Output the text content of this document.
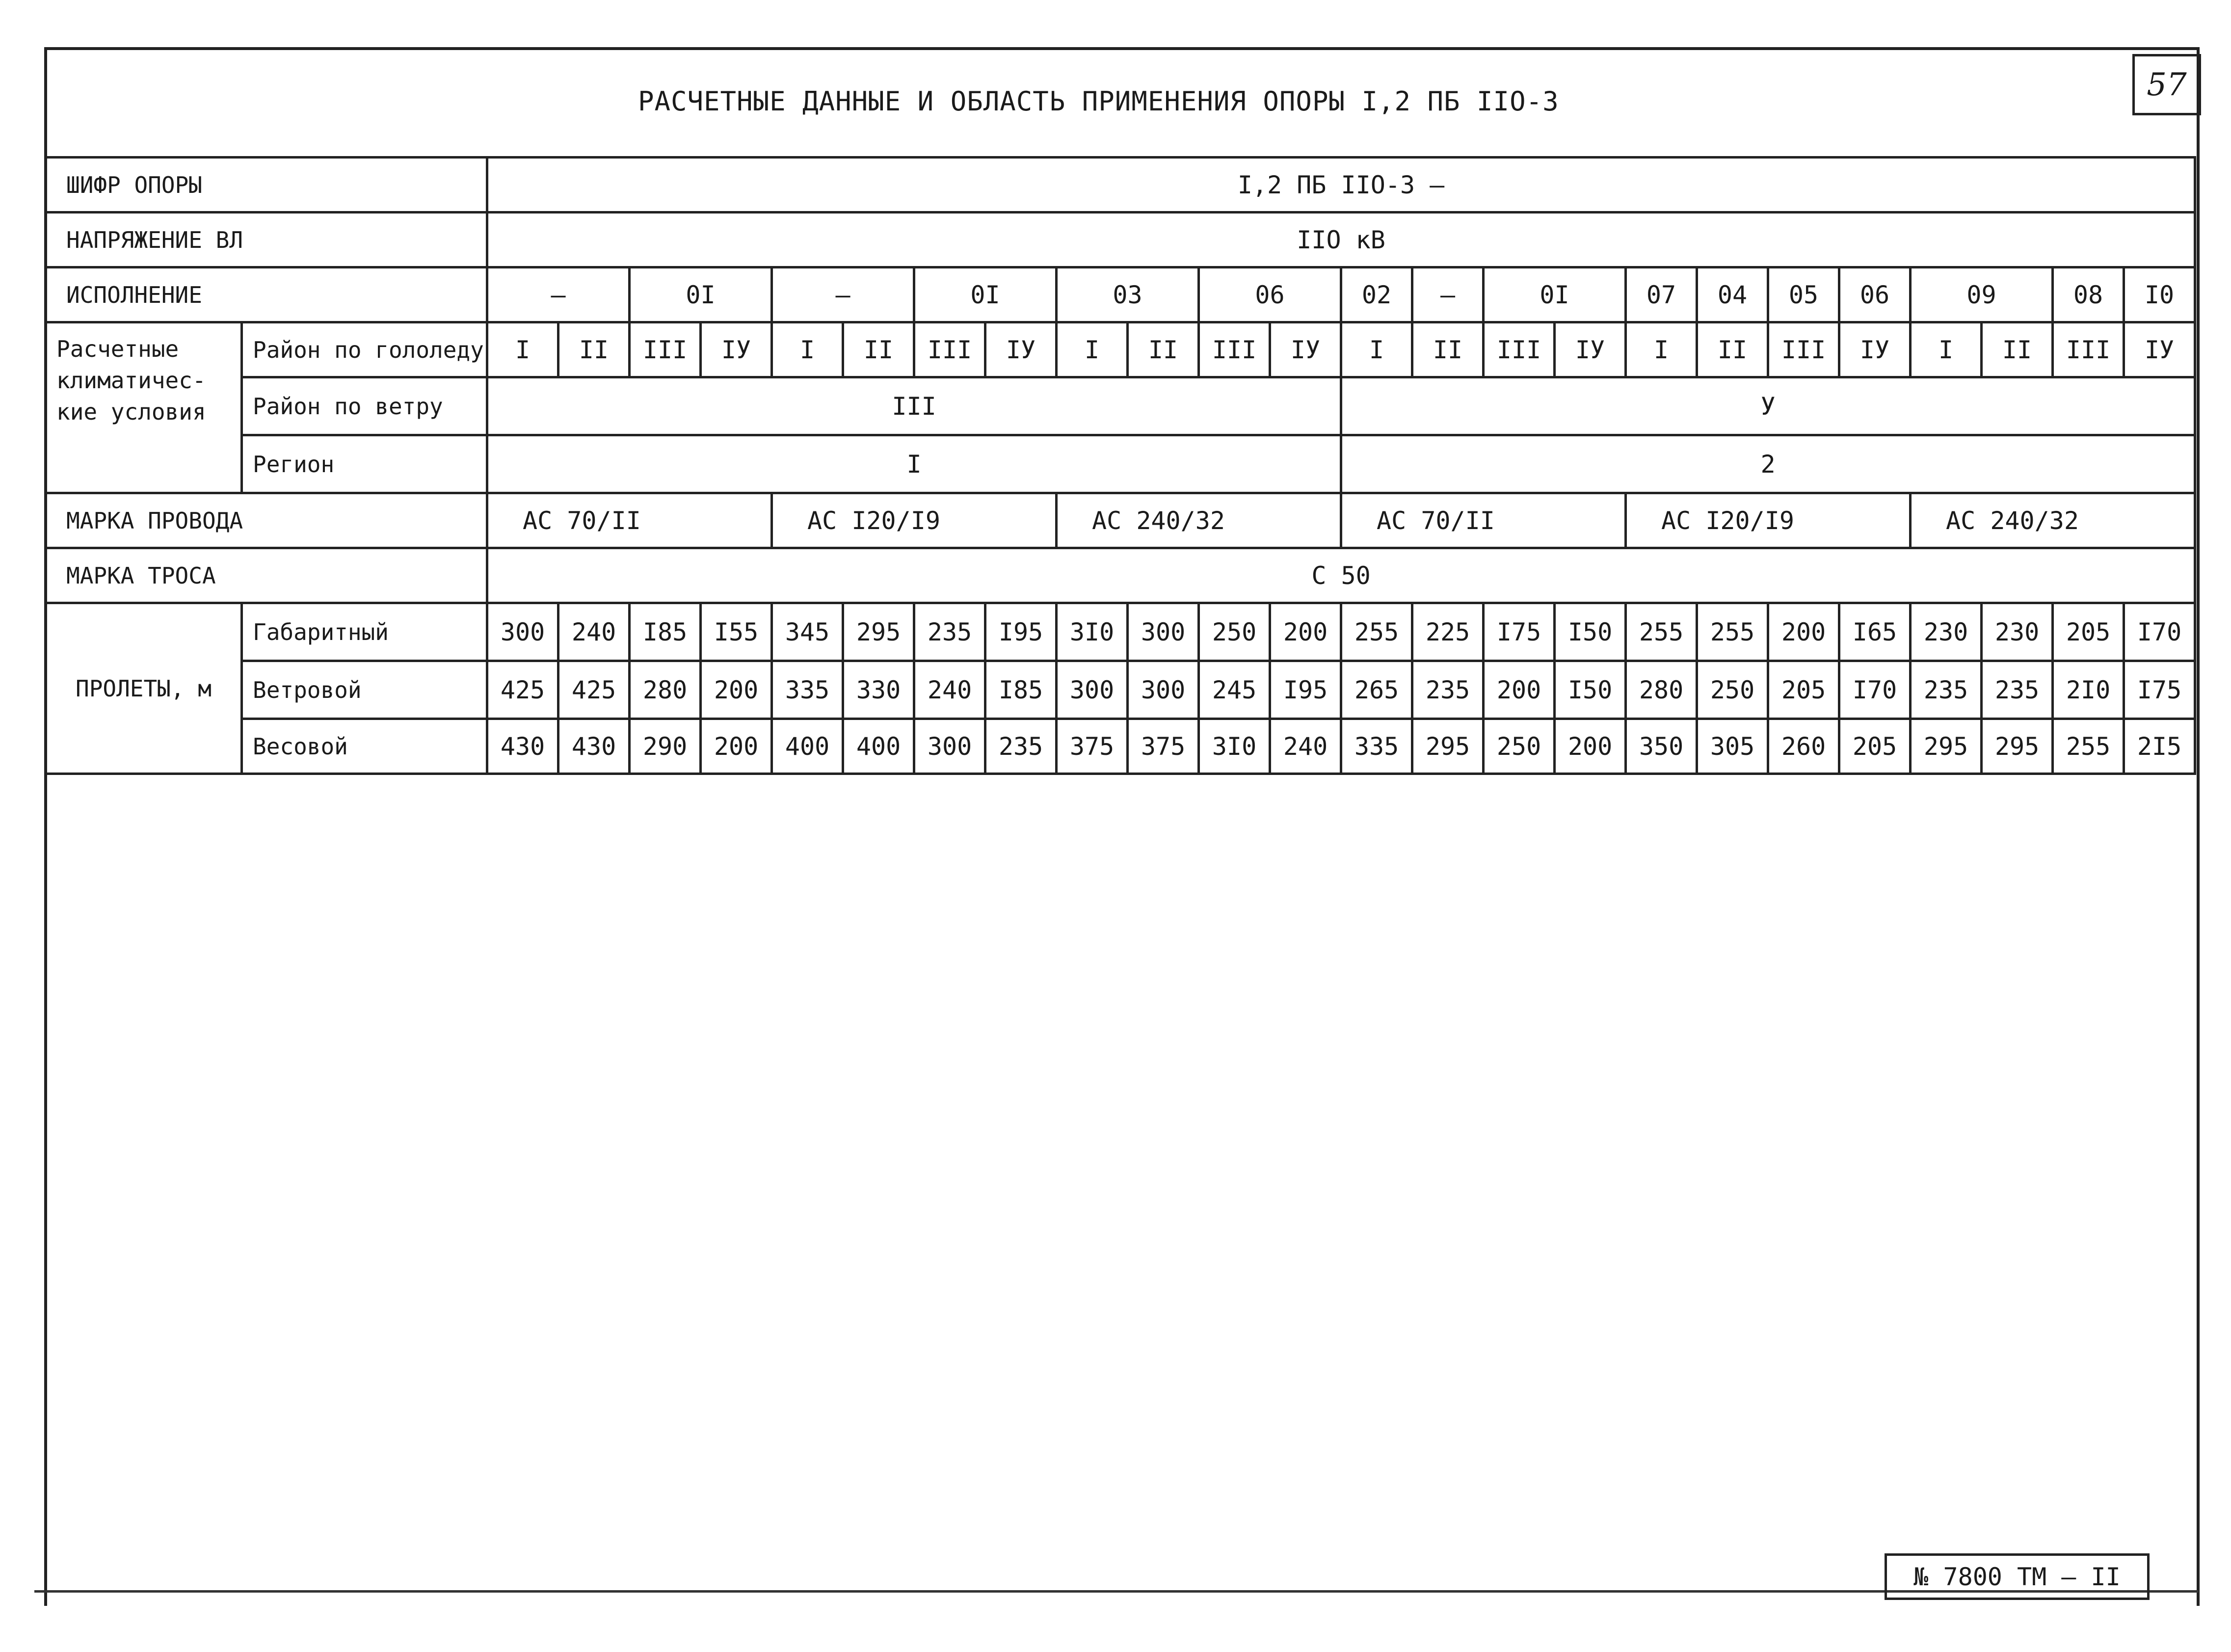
РАСЧЕТНЫЕ ДАННЫЕ И ОБЛАСТЬ ПРИМЕНЕНИЯ ОПОРЫ I,2 ПБ IIO-3	57
ШИФР ОПОРЫ		I,2 ПБ IIO-3 —																							
НАПРЯЖЕНИЕ ВЛ		IIO кВ																							
ИСПОЛНЕНИЕ		—		0I		—		0I		03		06		02	—	0I		07	04	05	06	09		08	I0
Расчетные климатичес- кие условия	Район по гололеду	I	II	III	IУ	I	II	III	IУ	I	II	III	IУ	I	II	III	IУ	I	II	III	IУ	I	II	III	IУ
	Район по ветру	III												У											
	Регион	I												2											
МАРКА ПРОВОДА		АС 70/II				АС I20/I9				АС 240/32				АС 70/II				АС I20/I9				АС 240/32			
МАРКА ТРОСА		С 50																							
ПРОЛЕТЫ, м	Габаритный	300	240	I85	I55	345	295	235	I95	3I0	300	250	200	255	225	I75	I50	255	255	200	I65	230	230	205	I70
	Ветровой	425	425	280	200	335	330	240	I85	300	300	245	I95	265	235	200	I50	280	250	205	I70	235	235	2I0	I75
	Весовой	430	430	290	200	400	400	300	235	375	375	3I0	240	335	295	250	200	350	305	260	205	295	295	255	2I5
№ 7800 ТМ — II
